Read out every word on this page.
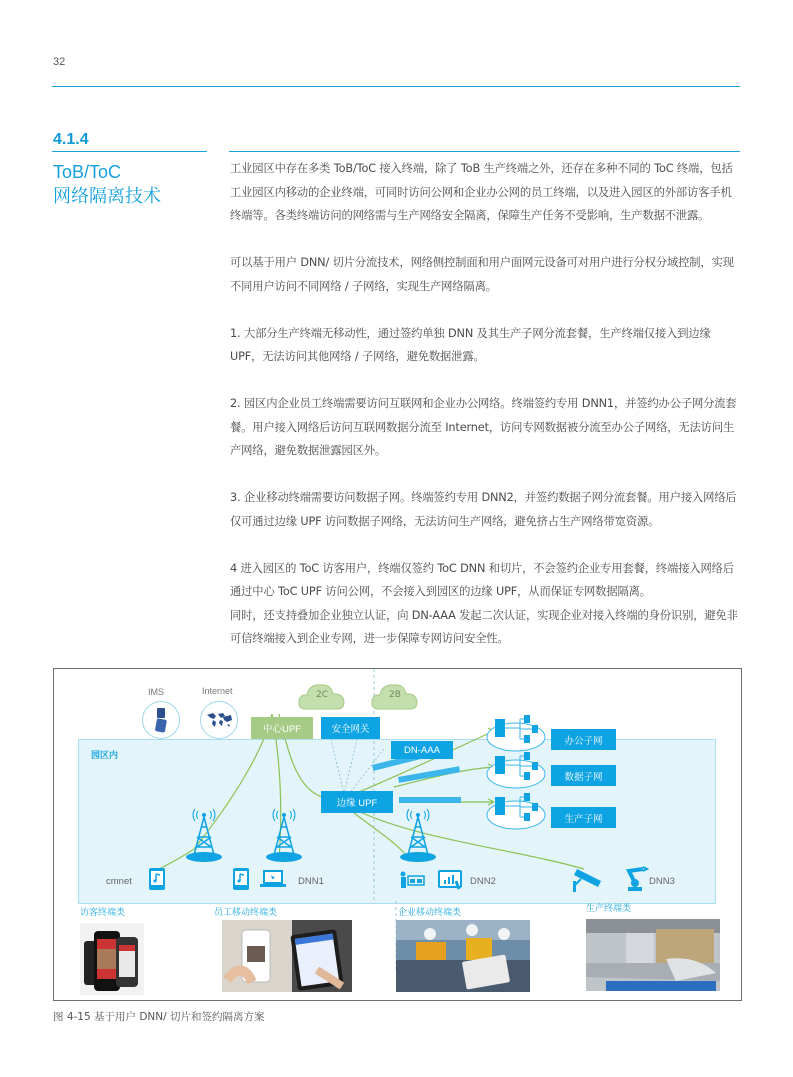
32
4.1.4
ToB/ToC
网络隔离技术

工业园区中存在多类 ToB/ToC 接入终端，除了 ToB 生产终端之外，还存在多种不同的 ToC 终端，包括工业园区内移动的企业终端，可同时访问公网和企业办公网的员工终端，以及进入园区的外部访客手机终端等。各类终端访问的网络需与生产网络安全隔离，保障生产任务不受影响，生产数据不泄露。

可以基于用户 DNN/ 切片分流技术，网络侧控制面和用户面网元设备可对用户进行分权分域控制，实现不同用户访问不同网络 / 子网络，实现生产网络隔离。

1. 大部分生产终端无移动性，通过签约单独 DNN 及其生产子网分流套餐，生产终端仅接入到边缘 UPF，无法访问其他网络 / 子网络，避免数据泄露。

2. 园区内企业员工终端需要访问互联网和企业办公网络。终端签约专用 DNN1，并签约办公子网分流套餐。用户接入网络后访问互联网数据分流至 Internet，访问专网数据被分流至办公子网络，无法访问生产网络，避免数据泄露园区外。

3. 企业移动终端需要访问数据子网。终端签约专用 DNN2，并签约数据子网分流套餐。用户接入网络后仅可通过边缘 UPF 访问数据子网络，无法访问生产网络，避免挤占生产网络带宽资源。

4 进入园区的 ToC 访客用户，终端仅签约 ToC DNN 和切片，不会签约企业专用套餐，终端接入网络后通过中心 ToC UPF 访问公网，不会接入到园区的边缘 UPF，从而保证专网数据隔离。

同时，还支持叠加企业独立认证，向 DN-AAA 发起二次认证，实现企业对接入终端的身份识别，避免非可信终端接入到企业专网，进一步保障专网访问安全性。

园区内
IMS	Internet	2C	2B
中心UPF	安全网关
DN-AAA
边缘 UPF
办公子网
数据子网
生产子网
cmnet	DNN1	DNN2	DNN3
访客终端类	员工移动终端类	企业移动终端类	生产终端类
图 4-15 基于用户 DNN/ 切片和签约隔离方案
